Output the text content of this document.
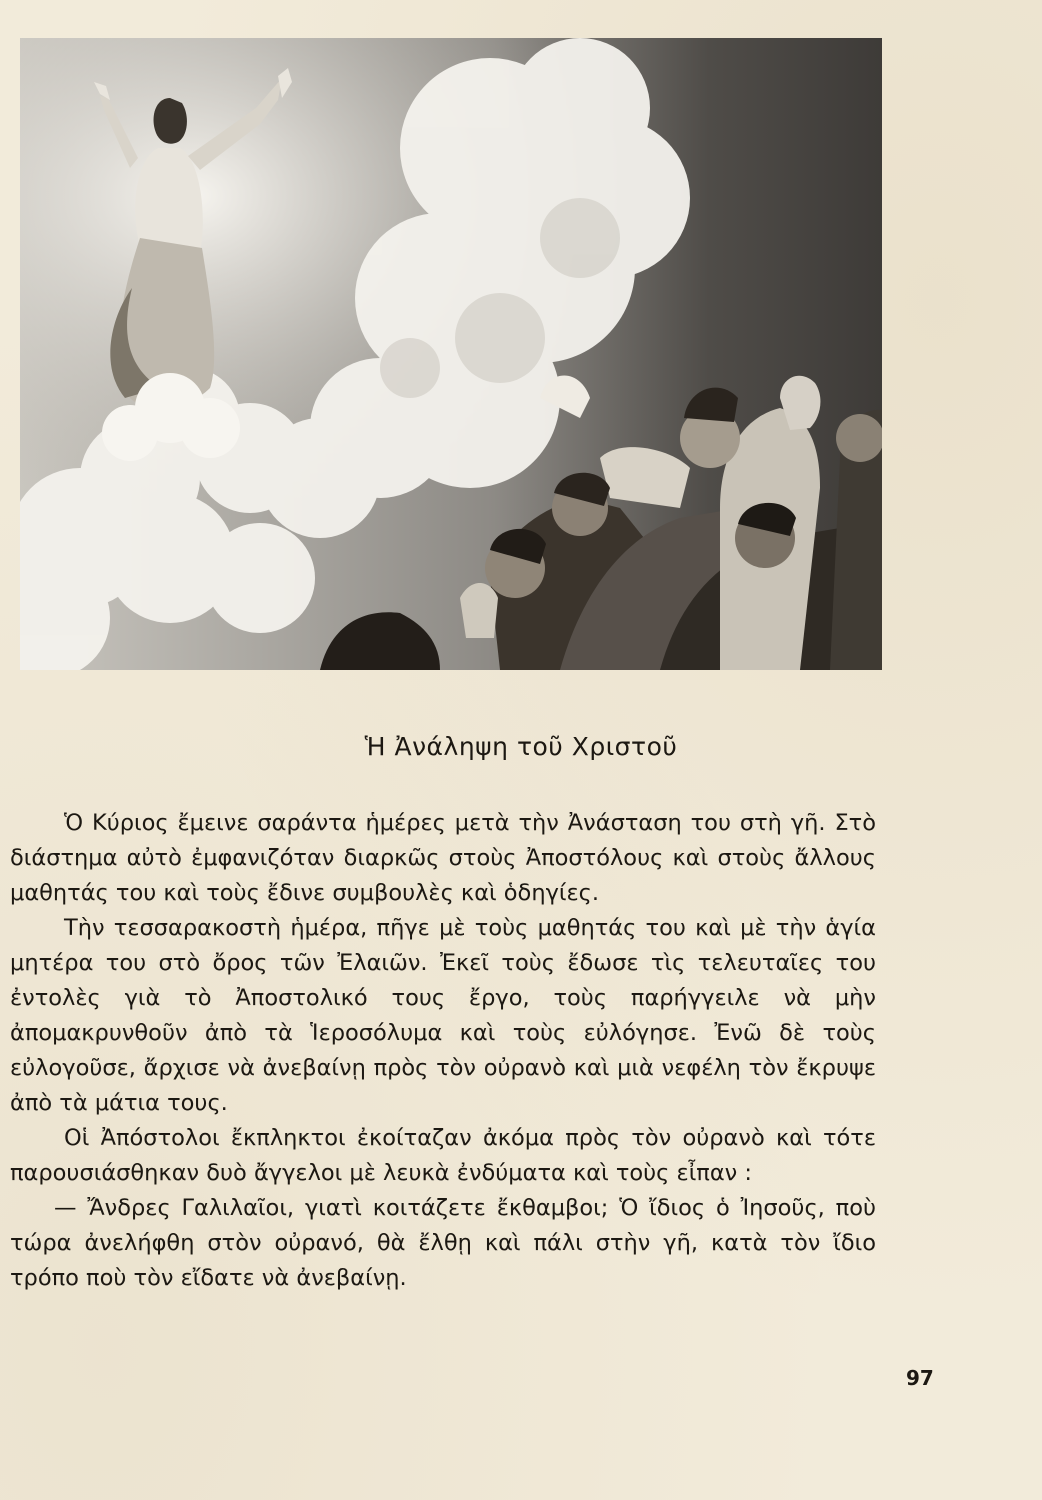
Ἡ Ἀνάληψη τοῦ Χριστοῦ

Ὁ Κύριος ἔμεινε σαράντα ἡμέρες μετὰ τὴν Ἀνάσταση του στὴ γῆ. Στὸ διάστημα αὐτὸ ἐμφανιζόταν διαρκῶς στοὺς Ἀποστόλους καὶ στοὺς ἄλλους μαθητάς του καὶ τοὺς ἔδινε συμβουλὲς καὶ ὁδηγίες.

Τὴν τεσσαρακοστὴ ἡμέρα, πῆγε μὲ τοὺς μαθητάς του καὶ μὲ τὴν ἁγία μητέρα του στὸ ὄρος τῶν Ἐλαιῶν. Ἐκεῖ τοὺς ἔδωσε τὶς τελευταῖες του ἐντολὲς γιὰ τὸ Ἀποστολικό τους ἔργο, τοὺς παρήγγειλε νὰ μὴν ἀπομακρυνθοῦν ἀπὸ τὰ Ἱεροσόλυμα καὶ τοὺς εὐλόγησε. Ἐνῶ δὲ τοὺς εὐλογοῦσε, ἄρχισε νὰ ἀνεβαίνῃ πρὸς τὸν οὐρανὸ καὶ μιὰ νεφέλη τὸν ἔκρυψε ἀπὸ τὰ μάτια τους.

Οἱ Ἀπόστολοι ἔκπληκτοι ἐκοίταζαν ἀκόμα πρὸς τὸν οὐρανὸ καὶ τότε παρουσιάσθηκαν δυὸ ἄγγελοι μὲ λευκὰ ἐνδύματα καὶ τοὺς εἶπαν :

— Ἄνδρες Γαλιλαῖοι, γιατὶ κοιτάζετε ἔκθαμβοι; Ὁ ἴδιος ὁ Ἰησοῦς, ποὺ τώρα ἀνελήφθη στὸν οὐρανό, θὰ ἔλθῃ καὶ πάλι στὴν γῆ, κατὰ τὸν ἴδιο τρόπο ποὺ τὸν εἴδατε νὰ ἀνεβαίνῃ.

97
